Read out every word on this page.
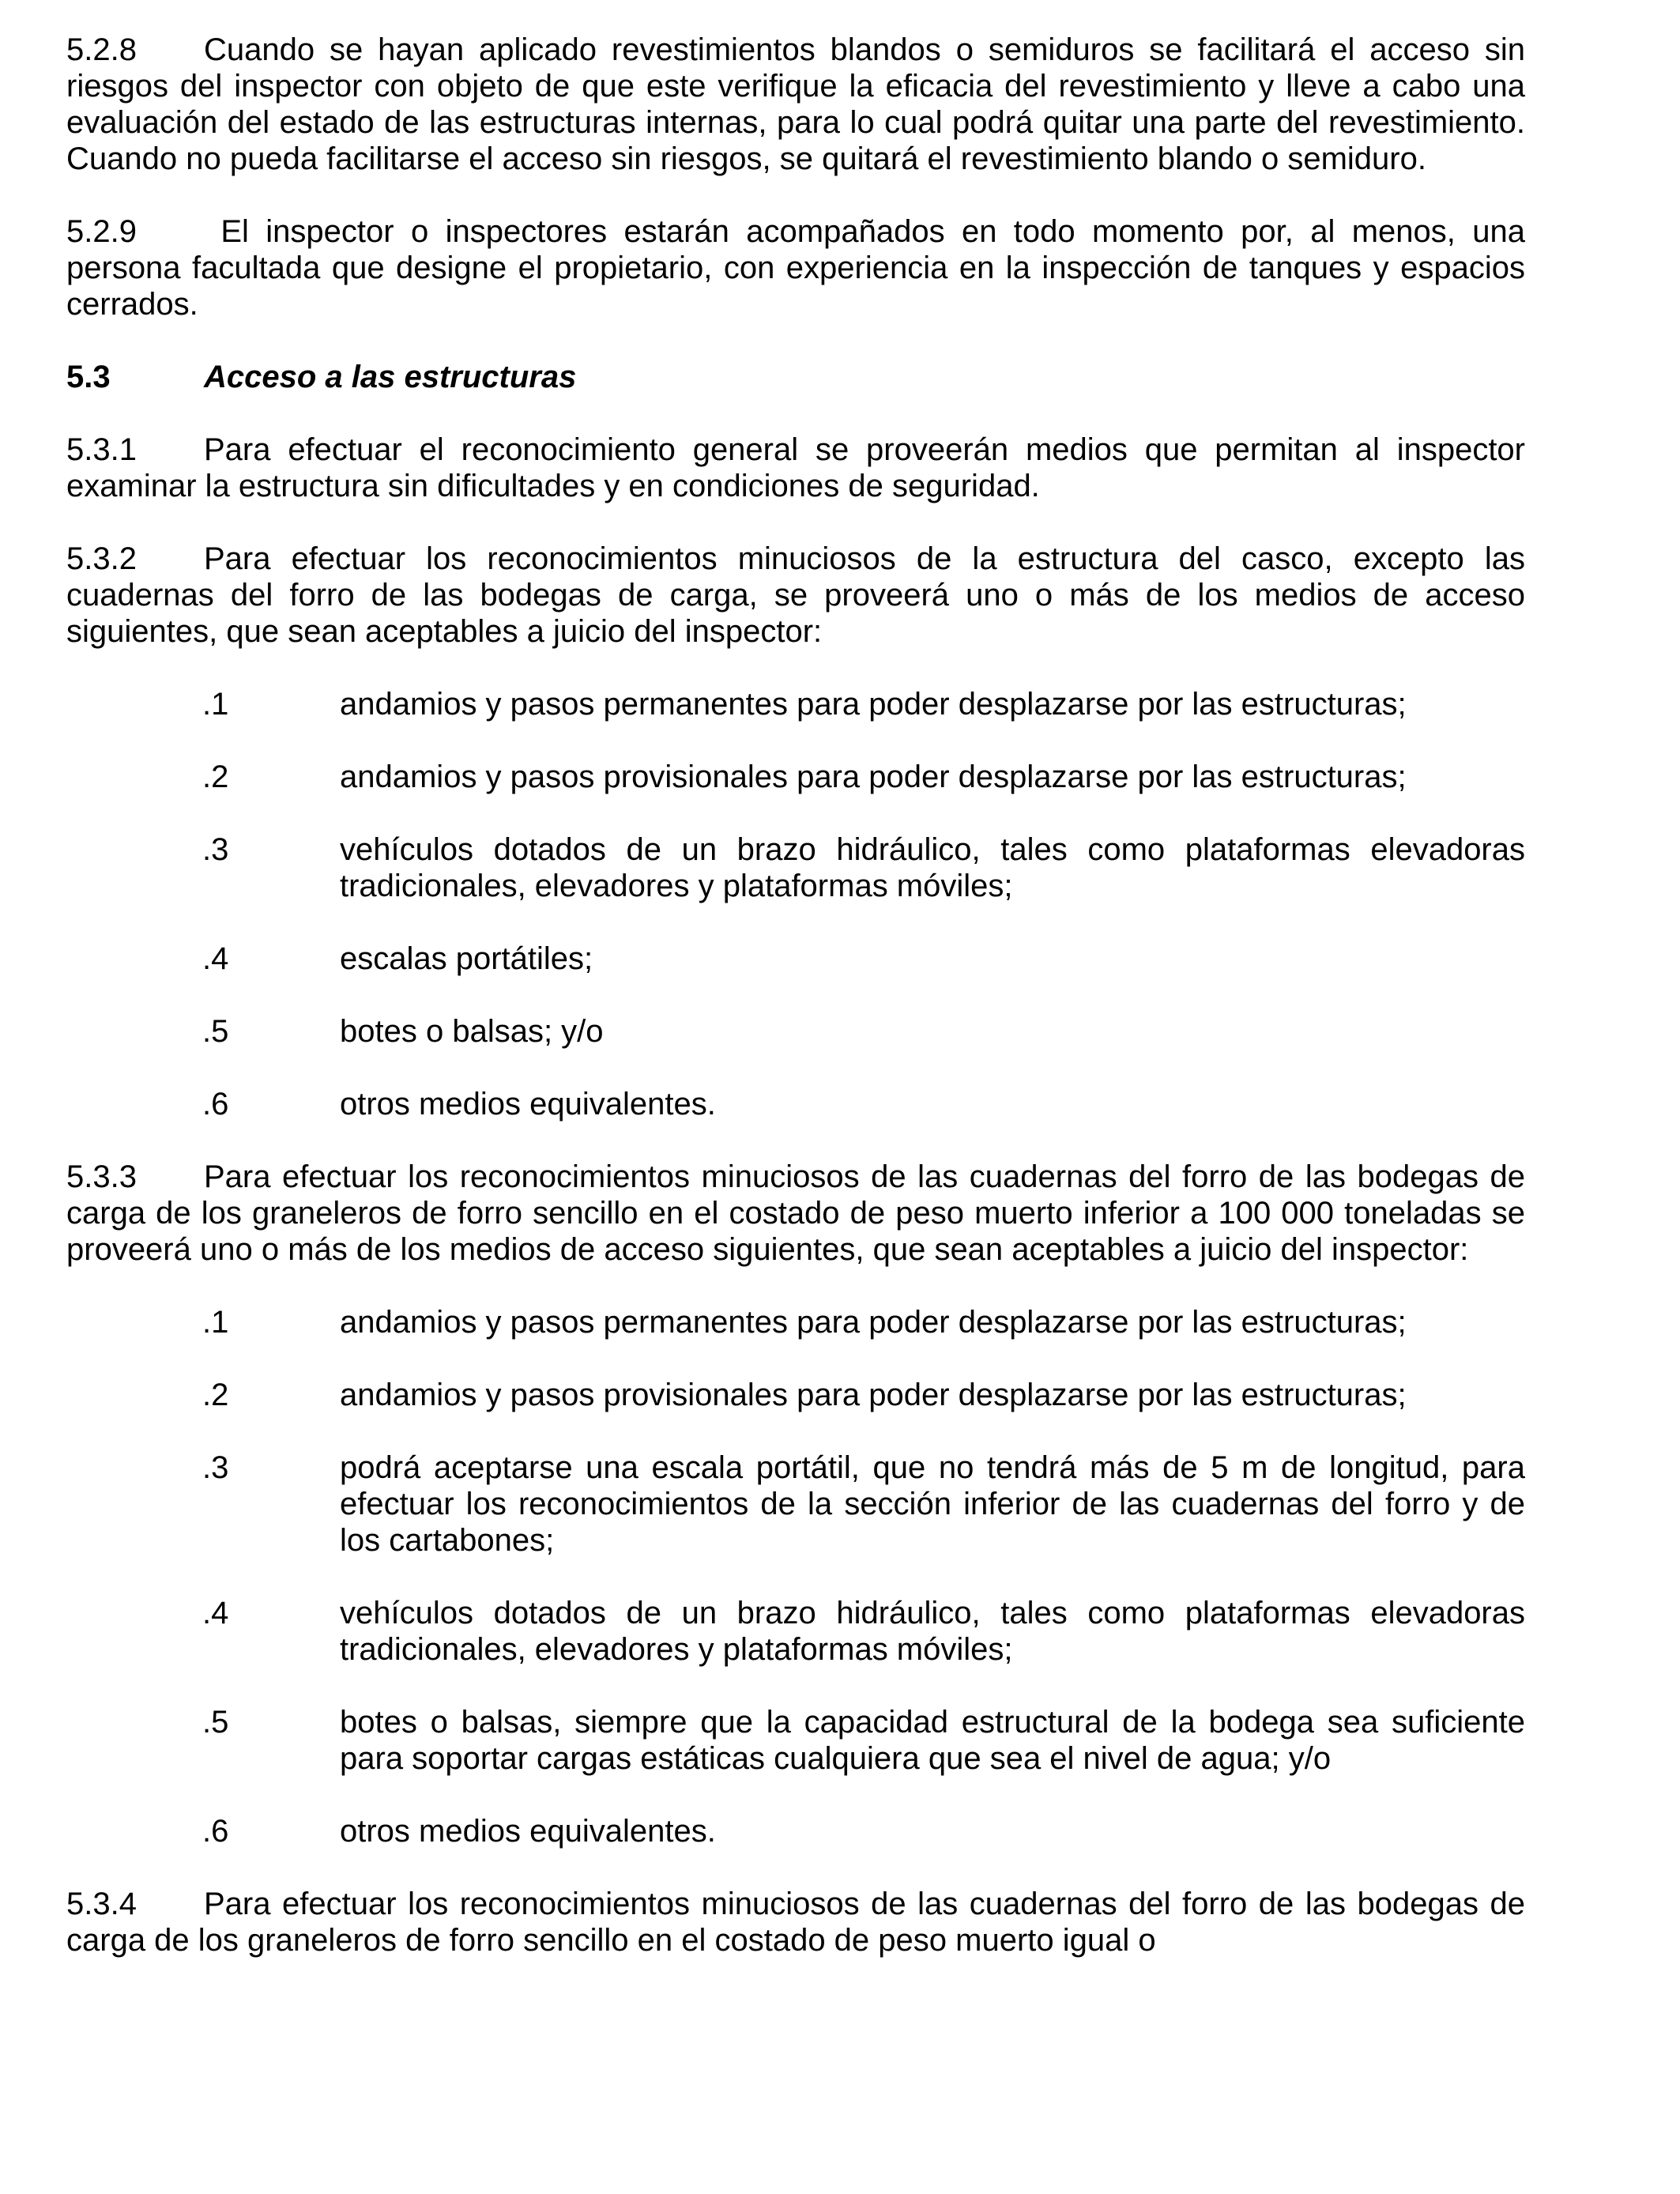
5.2.8 Cuando se hayan aplicado revestimientos blandos o semiduros se facilitará el acceso sin riesgos del inspector con objeto de que este verifique la eficacia del revestimiento y lleve a cabo una evaluación del estado de las estructuras internas, para lo cual podrá quitar una parte del revestimiento. Cuando no pueda facilitarse el acceso sin riesgos, se quitará el revestimiento blando o semiduro.

5.2.9 El inspector o inspectores estarán acompañados en todo momento por, al menos, una persona facultada que designe el propietario, con experiencia en la inspección de tanques y espacios cerrados.

5.3	Acceso a las estructuras

5.3.1 Para efectuar el reconocimiento general se proveerán medios que permitan al inspector examinar la estructura sin dificultades y en condiciones de seguridad.

5.3.2 Para efectuar los reconocimientos minuciosos de la estructura del casco, excepto las cuadernas del forro de las bodegas de carga, se proveerá uno o más de los medios de acceso siguientes, que sean aceptables a juicio del inspector:

.1	andamios y pasos permanentes para poder desplazarse por las estructuras;
.2	andamios y pasos provisionales para poder desplazarse por las estructuras;
.3	vehículos dotados de un brazo hidráulico, tales como plataformas elevadoras tradicionales, elevadores y plataformas móviles;
.4	escalas portátiles;
.5	botes o balsas; y/o
.6	otros medios equivalentes.

5.3.3 Para efectuar los reconocimientos minuciosos de las cuadernas del forro de las bodegas de carga de los graneleros de forro sencillo en el costado de peso muerto inferior a 100 000 toneladas se proveerá uno o más de los medios de acceso siguientes, que sean aceptables a juicio del inspector:

.1	andamios y pasos permanentes para poder desplazarse por las estructuras;
.2	andamios y pasos provisionales para poder desplazarse por las estructuras;
.3	podrá aceptarse una escala portátil, que no tendrá más de 5 m de longitud, para efectuar los reconocimientos de la sección inferior de las cuadernas del forro y de los cartabones;
.4	vehículos dotados de un brazo hidráulico, tales como plataformas elevadoras tradicionales, elevadores y plataformas móviles;
.5	botes o balsas, siempre que la capacidad estructural de la bodega sea suficiente para soportar cargas estáticas cualquiera que sea el nivel de agua; y/o
.6	otros medios equivalentes.

5.3.4 Para efectuar los reconocimientos minuciosos de las cuadernas del forro de las bodegas de carga de los graneleros de forro sencillo en el costado de peso muerto igual o
